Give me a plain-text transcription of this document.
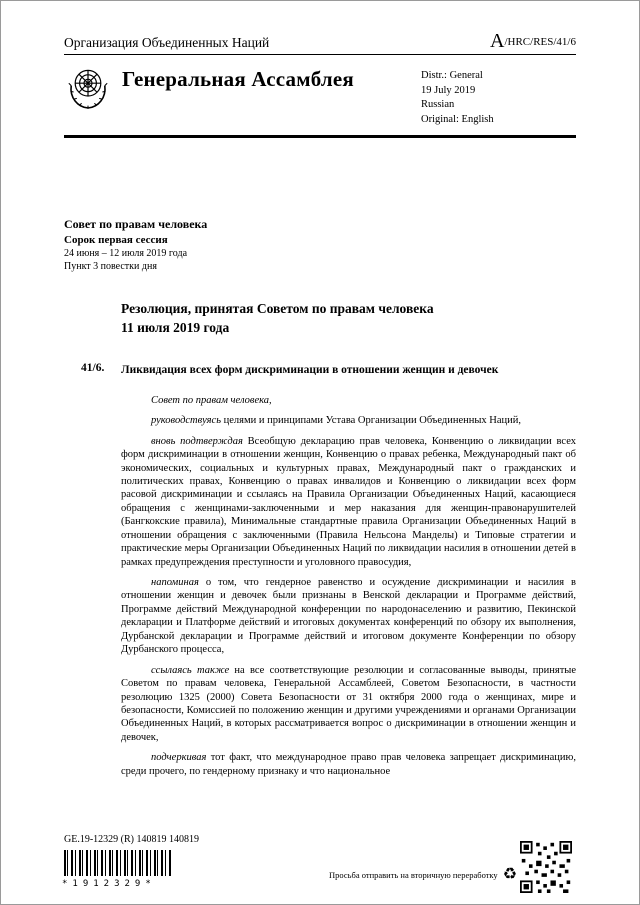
Организация Объединенных Наций	A/HRC/RES/41/6
Генеральная Ассамблея	Distr.: General
19 July 2019
Russian
Original: English
Совет по правам человека
Сорок первая сессия
24 июня – 12 июля 2019 года
Пункт 3 повестки дня
Резолюция, принятая Советом по правам человека
11 июля 2019 года
41/6.	Ликвидация всех форм дискриминации в отношении женщин и девочек

Совет по правам человека,

руководствуясь целями и принципами Устава Организации Объединенных Наций,

вновь подтверждая Всеобщую декларацию прав человека, Конвенцию о ликвидации всех форм дискриминации в отношении женщин, Конвенцию о правах ребенка, Международный пакт об экономических, социальных и культурных правах, Международный пакт о гражданских и политических правах, Конвенцию о правах инвалидов и Конвенцию о ликвидации всех форм расовой дискриминации и ссылаясь на Правила Организации Объединенных Наций, касающиеся обращения с женщинами-заключенными и мер наказания для женщин-правонарушителей (Бангкокские правила), Минимальные стандартные правила Организации Объединенных Наций в отношении обращения с заключенными (Правила Нельсона Манделы) и Типовые стратегии и практические меры Организации Объединенных Наций по ликвидации насилия в отношении детей в рамках предупреждения преступности и уголовного правосудия,

напоминая о том, что гендерное равенство и осуждение дискриминации и насилия в отношении женщин и девочек были признаны в Венской декларации и Программе действий, Программе действий Международной конференции по народонаселению и развитию, Пекинской декларации и Платформе действий и итоговых документах конференций по обзору их выполнения, Дурбанской декларации и Программе действий и итоговом документе Конференции по обзору Дурбанского процесса,

ссылаясь также на все соответствующие резолюции и согласованные выводы, принятые Советом по правам человека, Генеральной Ассамблеей, Советом Безопасности, в частности резолюцию 1325 (2000) Совета Безопасности от 31 октября 2000 года о женщинах, мире и безопасности, Комиссией по положению женщин и другими учреждениями и органами Организации Объединенных Наций, в которых рассматривается вопрос о дискриминации в отношении женщин и девочек,

подчеркивая тот факт, что международное право прав человека запрещает дискриминацию, среди прочего, по гендерному признаку и что национальное

GE.19-12329 (R) 140819 140819
*1912329*
Просьба отправить на вторичную переработку ♻
